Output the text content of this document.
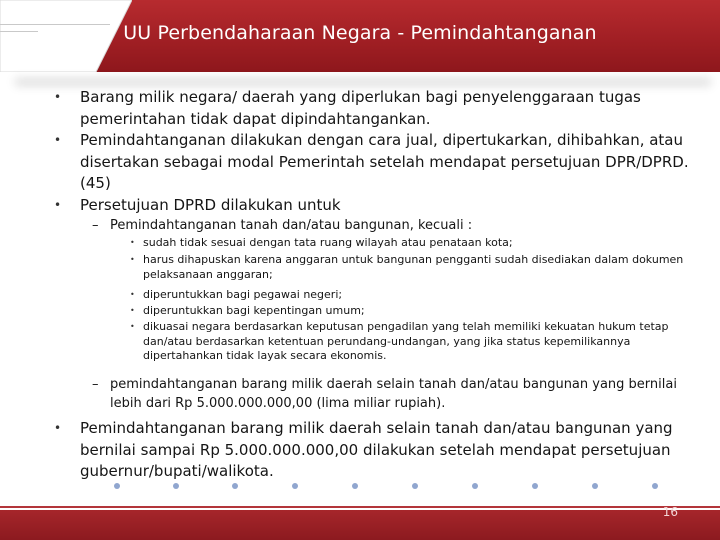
UU Perbendaharaan Negara - Pemindahtanganan
• Barang milik negara/ daerah yang diperlukan bagi penyelenggaraan tugas pemerintahan tidak dapat dipindahtangankan.
• Pemindahtanganan dilakukan dengan cara jual, dipertukarkan, dihibahkan, atau disertakan sebagai modal Pemerintah setelah mendapat persetujuan DPR/DPRD. (45)
• Persetujuan DPRD dilakukan untuk
– Pemindahtanganan tanah dan/atau bangunan, kecuali :
• sudah tidak sesuai dengan tata ruang wilayah atau penataan kota;
• harus dihapuskan karena anggaran untuk bangunan pengganti sudah disediakan dalam dokumen pelaksanaan anggaran;
• diperuntukkan bagi pegawai negeri;
• diperuntukkan bagi kepentingan umum;
• dikuasai negara berdasarkan keputusan pengadilan yang telah memiliki kekuatan hukum tetap dan/atau berdasarkan ketentuan perundang-undangan, yang jika status kepemilikannya dipertahankan tidak layak secara ekonomis.
– pemindahtanganan barang milik daerah selain tanah dan/atau bangunan yang bernilai lebih dari Rp 5.000.000.000,00 (lima miliar rupiah).
• Pemindahtanganan barang milik daerah selain tanah dan/atau bangunan yang bernilai sampai Rp 5.000.000.000,00 dilakukan setelah mendapat persetujuan gubernur/bupati/walikota.
16
